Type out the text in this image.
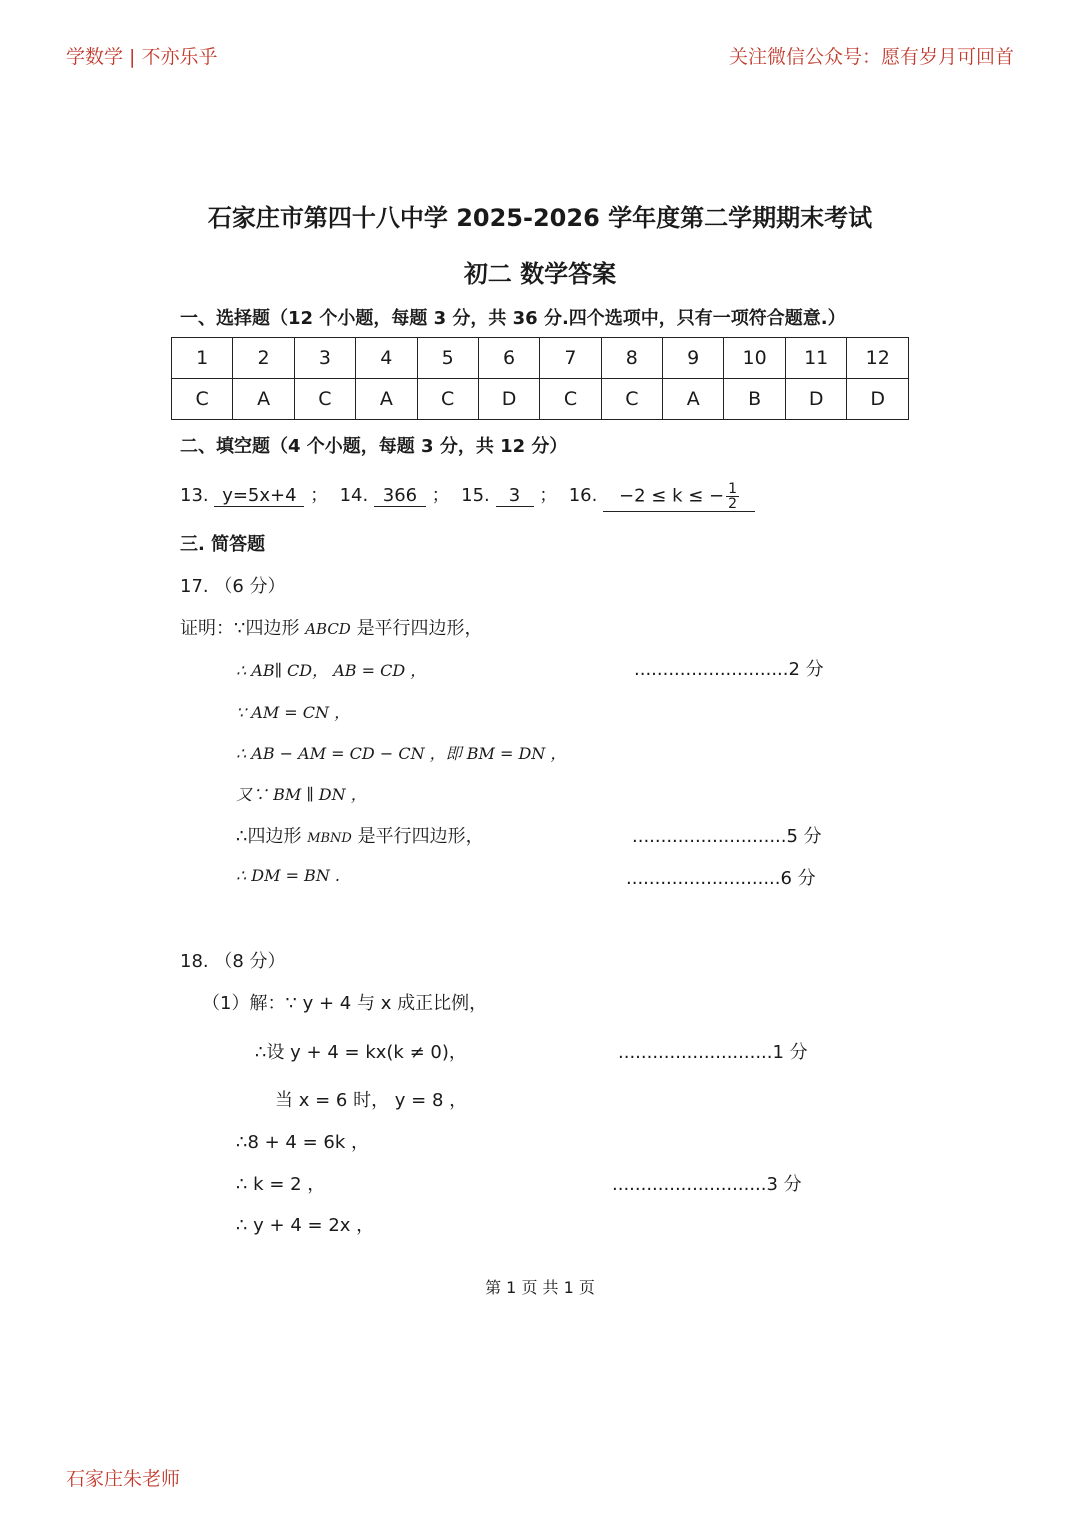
学数学 | 不亦乐乎	关注微信公众号：愿有岁月可回首
石家庄市第四十八中学 2025-2026 学年度第二学期期末考试
初二 数学答案
一、选择题（12 个小题，每题 3 分，共 36 分.四个选项中，只有一项符合题意.）
1	2	3	4	5	6	7	8	9	10	11	12
C	A	C	A	C	D	C	C	A	B	D	D
二、填空题（4 个小题，每题 3 分，共 12 分）
13. y=5x+4 ； 14. 366 ； 15. 3 ； 16. −2 ≤ k ≤ − $\frac{1}{2}$
三. 简答题
17. （6 分）
证明：∵四边形 ABCD 是平行四边形，
∴ AB∥ CD， AB = CD ，	...........................2 分
∵ AM = CN ，
∴ AB − AM = CD − CN ，即 BM = DN ，
又∵ BM ∥ DN ，
∴四边形 MBND 是平行四边形，	...........................5 分
∴ DM = BN .	...........................6 分
18. （8 分）
（1）解：∵ y + 4 与 x 成正比例，
∴设 y + 4 = kx(k ≠ 0)，	...........................1 分
当 x = 6 时， y = 8 ，
∴8 + 4 = 6k ，
∴ k = 2 ，	...........................3 分
∴ y + 4 = 2x ，
第 1 页 共 1 页
石家庄朱老师
